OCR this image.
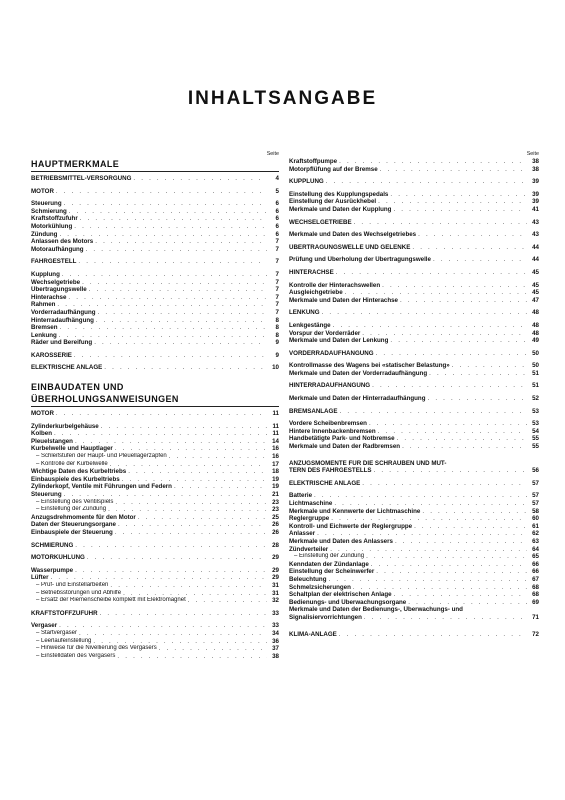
INHALTSANGABE
Seite
HAUPTMERKMALE
BETRIEBSMITTEL-VERSORGUNG . . .	4
MOTOR . . .	5
Steuerung . . .	6
Schmierung . . .	6
Kraftstoffzufuhr . . .	6
Motorkühlung . . .	6
Zündung . . .	6
Anlassen des Motors . . .	7
Motoraufhängung . . .	7
FAHRGESTELL . . .	7
Kupplung . . .	7
Wechselgetriebe . . .	7
Übertragungswelle . . .	7
Hinterachse . . .	7
Rahmen . . .	7
Vorderradaufhängung . . .	7
Hinterradaufhängung . . .	8
Bremsen . . .	8
Lenkung . . .	8
Räder und Bereifung . . .	9
KAROSSERIE . . .	9
ELEKTRISCHE ANLAGE . . .	10
EINBAUDATEN UND
ÜBERHOLUNGSANWEISUNGEN
MOTOR . . .	11
Zylinderkurbelgehäuse . . .	11
Kolben . . .	11
Pleuelstangen . . .	14
Kurbelwelle und Hauptlager . . .	16
– Schleifstufen der Haupt- und Pleuellagerzapfen . . .	16
– Kontrolle der Kurbelwelle . . .	17
Wichtige Daten des Kurbeltriebs . . .	18
Einbauspiele des Kurbeltriebs . . .	19
Zylinderkopf, Ventile mit Führungen und Federn . . .	19
Steuerung . . .	21
– Einstellung des Ventilspiels . . .	23
– Einstellung der Zündung . . .	23
Anzugsdrehmomente für den Motor . . .	25
Daten der Steuerungsorgane . . .	26
Einbauspiele der Steuerung . . .	26
SCHMIERUNG . . .	28
MOTORKÜHLUNG . . .	29
Wasserpumpe . . .	29
Lüfter . . .	29
– Prüf- und Einstellarbeiten . . .	31
– Betriebsstörungen und Abhilfe . . .	31
– Ersatz der Riemenscheibe komplett mit Elektromagnet . . .	32
KRAFTSTOFFZUFUHR . . .	33
Vergaser . . .	33
– Startvergaser . . .	34
– Leerlaufeinstellung . . .	36
– Hinweise für die Nivellierung des Vergasers . . .	37
– Einstelldaten des Vergasers . . .	38
Seite
Kraftstoffpumpe . . .	38
Motorpflüfung auf der Bremse . . .	38
KUPPLUNG . . .	39
Einstellung des Kupplungspedals . . .	39
Einstellung der Ausrückhebel . . .	39
Merkmale und Daten der Kupplung . . .	41
WECHSELGETRIEBE . . .	43
Merkmale und Daten des Wechselgetriebes . . .	43
ÜBERTRAGUNGSWELLE UND GELENKE . . .	44
Prüfung und Überholung der Übertragungswelle . . .	44
HINTERACHSE . . .	45
Kontrolle der Hinterachswellen . . .	45
Ausgleichgetriebe . . .	45
Merkmale und Daten der Hinterachse . . .	47
LENKUNG . . .	48
Lenkgestänge . . .	48
Vorspur der Vorderräder . . .	48
Merkmale und Daten der Lenkung . . .	49
VORDERRADAUFHÄNGUNG . . .	50
Kontrollmasse des Wagens bei «statischer Belastung» . . .	50
Merkmale und Daten der Vorderradaufhängung . . .	51
HINTERRADAUFHÄNGUNG . . .	51
Merkmale und Daten der Hinterradaufhängung . . .	52
BREMSANLAGE . . .	53
Vordere Scheibenbremsen . . .	53
Hintere Innenbackenbremsen . . .	54
Handbetätigte Park- und Notbremse . . .	55
Merkmale und Daten der Radbremsen . . .	55
ANZUGSMOMENTE FÜR DIE SCHRAUBEN UND MUT-
TERN DES FAHRGESTELLS . . .	56
ELEKTRISCHE ANLAGE . . .	57
Batterie . . .	57
Lichtmaschine . . .	57
Merkmale und Kennwerte der Lichtmaschine . . .	58
Reglergruppe . . .	60
Kontroll- und Eichwerte der Reglergruppe . . .	61
Anlasser . . .	62
Merkmale und Daten des Anlassers . . .	63
Zündverteiler . . .	64
– Einstellung der Zündung . . .	65
Kenndaten der Zündanlage . . .	66
Einstellung der Scheinwerfer . . .	66
Beleuchtung . . .	67
Schmelzsicherungen . . .	68
Schaltplan der elektrischen Anlage . . .	68
Bedienungs- und Überwachungsorgane . . .	69
Merkmale und Daten der Bedienungs-, Überwachungs- und
Signalisiervorrichtungen . . .	71
KLIMA-ANLAGE . . .	72
